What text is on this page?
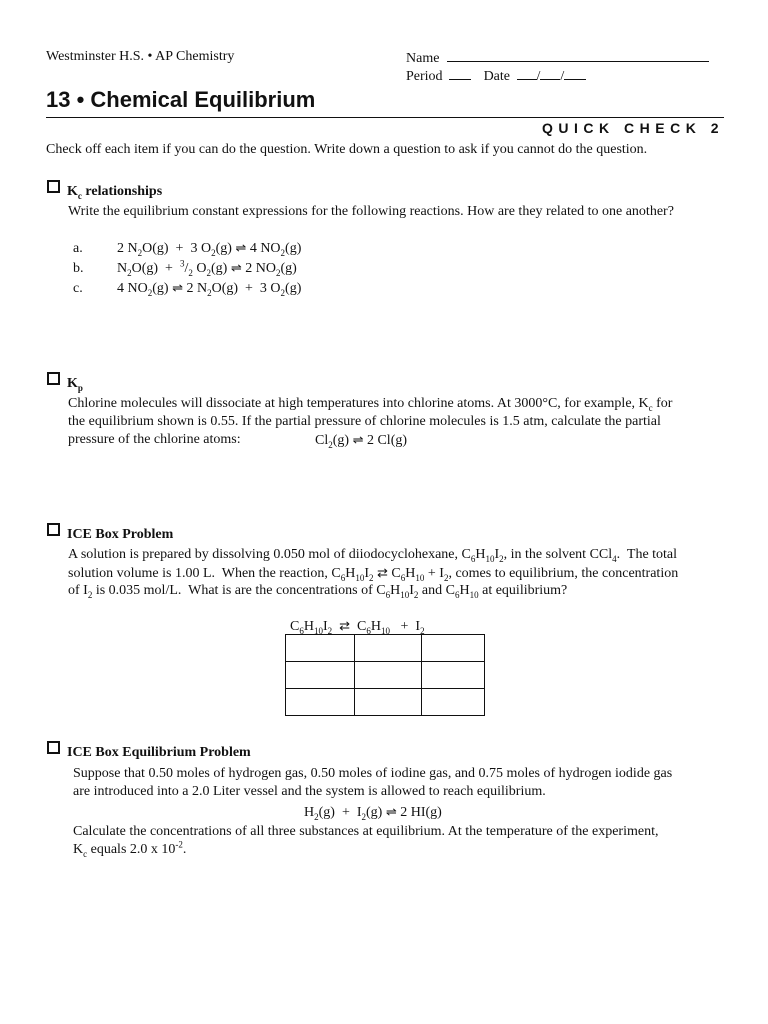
Westminster H.S. • AP Chemistry	Name
Period	Date / /
13 • Chemical Equilibrium
QUICK CHECK 2
Check off each item if you can do the question. Write down a question to ask if you cannot do the question.
$K_c$ relationships
Write the equilibrium constant expressions for the following reactions. How are they related to one another?
a. 2 $N_2O(g) + 3$ $O_2(g)$ ⇌ 4 $NO_2(g)$
b. $N_2O(g) + ^3/_2$ $O_2(g)$ ⇌ 2 $NO_2(g)$
c. 4 $NO_2(g)$ ⇌ 2 $N_2O(g) + 3$ $O_2(g)$
$K_p$
Chlorine molecules will dissociate at high temperatures into chlorine atoms. At 3000°C, for example, $K_c$ for
the equilibrium shown is 0.55. If the partial pressure of chlorine molecules is 1.5 atm, calculate the partial
pressure of the chlorine atoms:	$Cl_2(g)$ ⇌ 2 Cl(g)
ICE Box Problem
A solution is prepared by dissolving 0.050 mol of diiodocyclohexane, $C_6H_{10}I_2$, in the solvent CCl$_4$.  The total
solution volume is 1.00 L.  When the reaction, $C_6H_{10}I_2$ ⇄ $C_6H_{10} + I_2$, comes to equilibrium, the concentration
of $I_2$ is 0.035 mol/L.  What is are the concentrations of $C_6H_{10}I_2$ and $C_6H_{10}$ at equilibrium?
$C_6H_{10}I_2$ ⇄  $C_6H_{10} + I_2$

ICE Box Equilibrium Problem
Suppose that 0.50 moles of hydrogen gas, 0.50 moles of iodine gas, and 0.75 moles of hydrogen iodide gas
are introduced into a 2.0 Liter vessel and the system is allowed to reach equilibrium.
$H_2(g) + I_2(g)$ ⇌ 2 HI(g)
Calculate the concentrations of all three substances at equilibrium. At the temperature of the experiment,
$K_c$ equals 2.0 x $10^{-2}$.
